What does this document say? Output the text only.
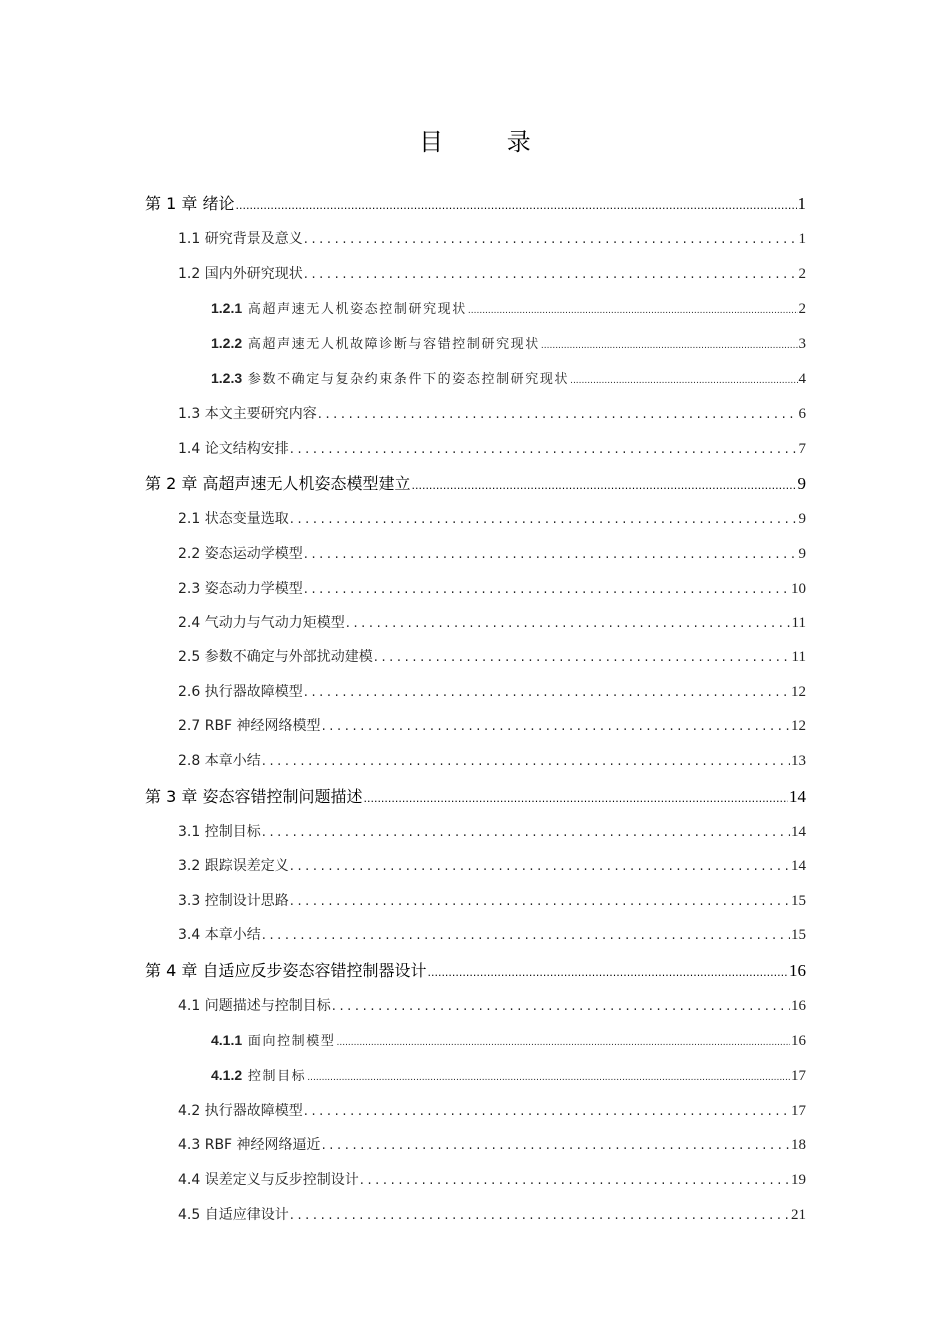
目 录
第 1 章 绪论 .....	1
1.1 研究背景及意义 .....	1
1.2 国内外研究现状 .....	2
1.2.1 高超声速无人机姿态控制研究现状 .....	2
1.2.2 高超声速无人机故障诊断与容错控制研究现状 .....	3
1.2.3 参数不确定与复杂约束条件下的姿态控制研究现状 .....	4
1.3 本文主要研究内容 .....	6
1.4 论文结构安排 .....	7
第 2 章 高超声速无人机姿态模型建立 .....	9
2.1 状态变量选取 .....	9
2.2 姿态运动学模型 .....	9
2.3 姿态动力学模型 .....	10
2.4 气动力与气动力矩模型 .....	11
2.5 参数不确定与外部扰动建模 .....	11
2.6 执行器故障模型 .....	12
2.7 RBF 神经网络模型 .....	12
2.8 本章小结 .....	13
第 3 章 姿态容错控制问题描述 .....	14
3.1 控制目标 .....	14
3.2 跟踪误差定义 .....	14
3.3 控制设计思路 .....	15
3.4 本章小结 .....	15
第 4 章 自适应反步姿态容错控制器设计 .....	16
4.1 问题描述与控制目标 .....	16
4.1.1 面向控制模型 .....	16
4.1.2 控制目标 .....	17
4.2 执行器故障模型 .....	17
4.3 RBF 神经网络逼近 .....	18
4.4 误差定义与反步控制设计 .....	19
4.5 自适应律设计 .....	21
